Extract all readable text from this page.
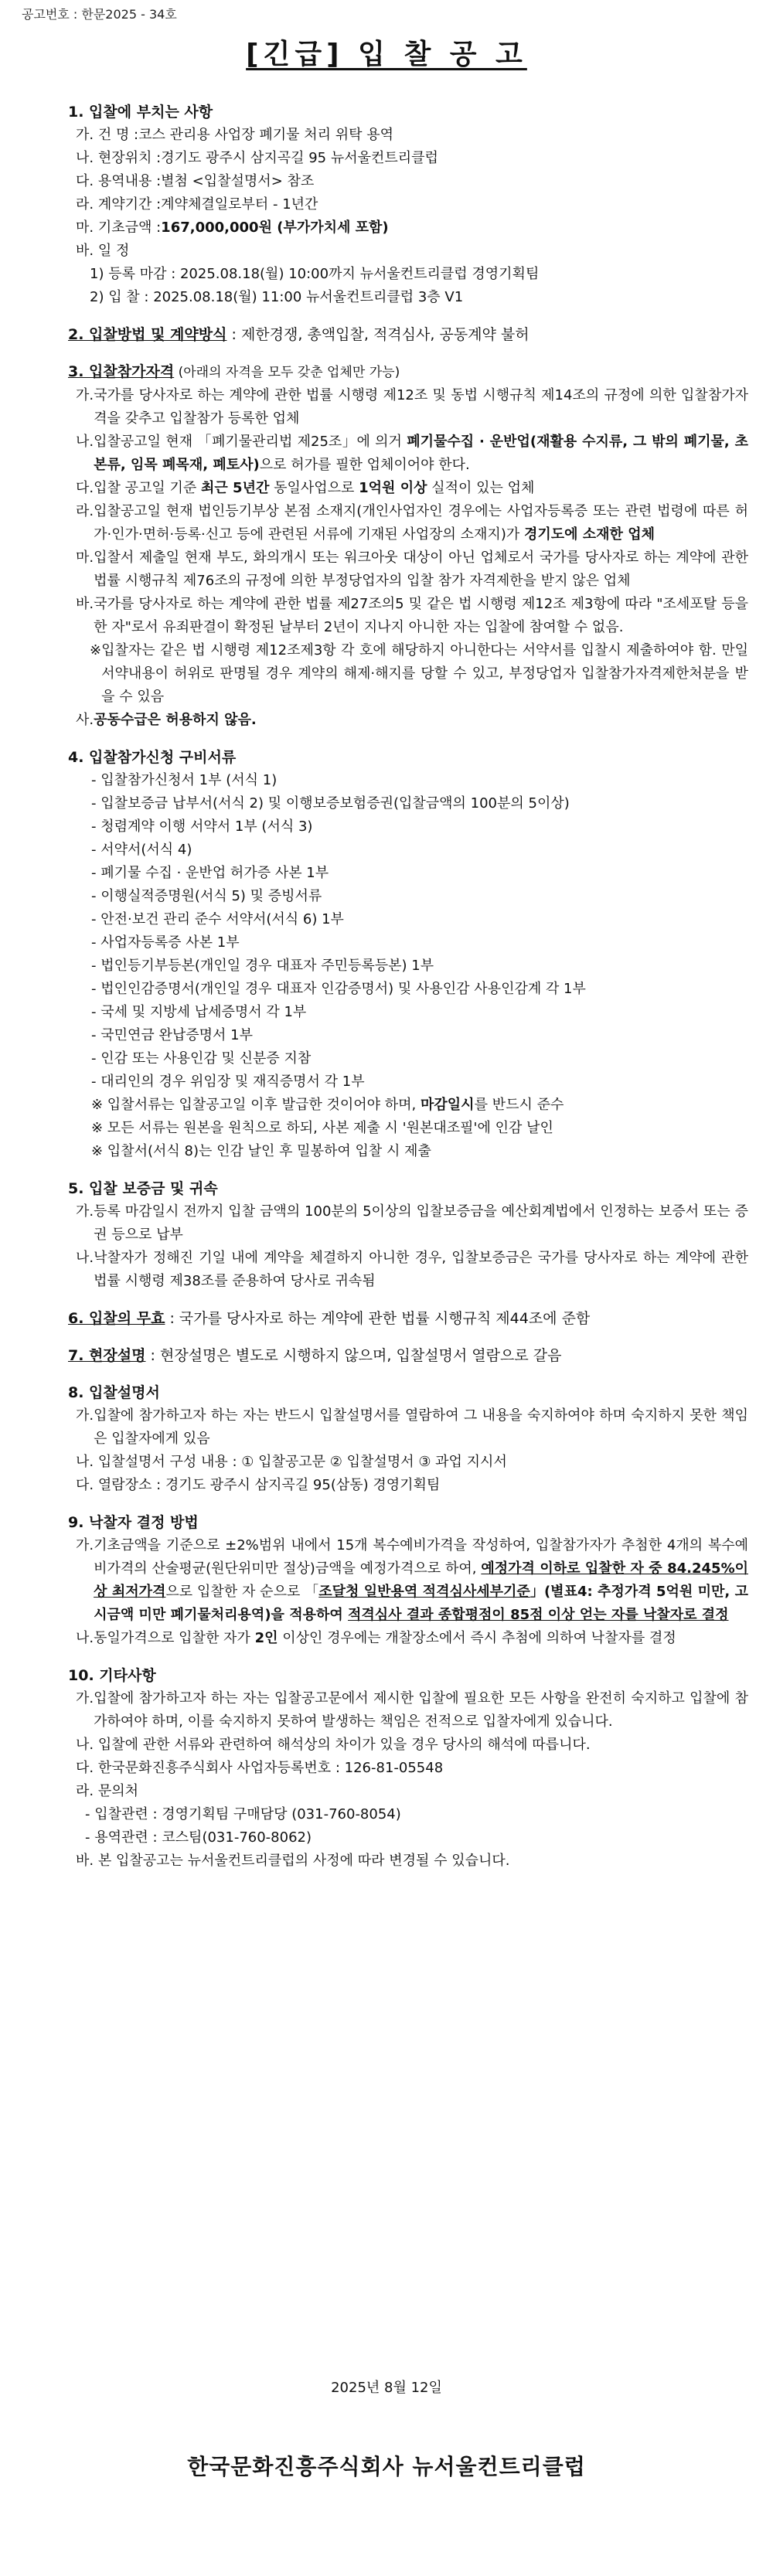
공고번호 : 한문2025 - 34호
[긴급] 입 찰 공 고
1. 입찰에 부치는 사항
가. 건 명 : 코스 관리용 사업장 폐기물 처리 위탁 용역
나. 현장위치 : 경기도 광주시 삼지곡길 95 뉴서울컨트리클럽
다. 용역내용 : 별첨 <입찰설명서> 참조
라. 계약기간 : 계약체결일로부터 - 1년간
마. 기초금액 : 167,000,000원 (부가가치세 포함)
바. 일 정
1) 등록 마감 : 2025.08.18(월) 10:00까지 뉴서울컨트리클럽 경영기획팀
2) 입 찰 : 2025.08.18(월) 11:00 뉴서울컨트리클럽 3층 V1
2. 입찰방법 및 계약방식 : 제한경쟁, 총액입찰, 적격심사, 공동계약 불허
3. 입찰참가자격 (아래의 자격을 모두 갖춘 업체만 가능)
가. 국가를 당사자로 하는 계약에 관한 법률 시행령 제12조 및 동법 시행규칙 제14조의 규정에 의한 입찰참가자격을 갖추고 입찰참가 등록한 업체
나. 입찰공고일 현재 「폐기물관리법 제25조」에 의거 폐기물수집 · 운반업(재활용 수지류, 그 밖의 폐기물, 초본류, 임목 폐목재, 폐토사)으로 허가를 필한 업체이어야 한다.
다. 입찰 공고일 기준 최근 5년간 동일사업으로 1억원 이상 실적이 있는 업체
라. 입찰공고일 현재 법인등기부상 본점 소재지(개인사업자인 경우에는 사업자등록증 또는 관련 법령에 따른 허가·인가·면허·등록·신고 등에 관련된 서류에 기재된 사업장의 소재지)가 경기도에 소재한 업체
마. 입찰서 제출일 현재 부도, 화의개시 또는 워크아웃 대상이 아닌 업체로서 국가를 당사자로 하는 계약에 관한 법률 시행규칙 제76조의 규정에 의한 부정당업자의 입찰 참가 자격제한을 받지 않은 업체
바. 국가를 당사자로 하는 계약에 관한 법률 제27조의5 및 같은 법 시행령 제12조 제3항에 따라 "조세포탈 등을 한 자"로서 유죄판결이 확정된 날부터 2년이 지나지 아니한 자는 입찰에 참여할 수 없음.
※ 입찰자는 같은 법 시행령 제12조제3항 각 호에 해당하지 아니한다는 서약서를 입찰시 제출하여야 함. 만일 서약내용이 허위로 판명될 경우 계약의 해제·해지를 당할 수 있고, 부정당업자 입찰참가자격제한처분을 받을 수 있음
사. 공동수급은 허용하지 않음.
4. 입찰참가신청 구비서류
- 입찰참가신청서 1부 (서식 1)
- 입찰보증금 납부서(서식 2) 및 이행보증보험증권(입찰금액의 100분의 5이상)
- 청렴계약 이행 서약서 1부 (서식 3)
- 서약서(서식 4)
- 폐기물 수집 · 운반업 허가증 사본 1부
- 이행실적증명원(서식 5) 및 증빙서류
- 안전·보건 관리 준수 서약서(서식 6) 1부
- 사업자등록증 사본 1부
- 법인등기부등본(개인일 경우 대표자 주민등록등본) 1부
- 법인인감증명서(개인일 경우 대표자 인감증명서) 및 사용인감 사용인감계 각 1부
- 국세 및 지방세 납세증명서 각 1부
- 국민연금 완납증명서 1부
- 인감 또는 사용인감 및 신분증 지참
- 대리인의 경우 위임장 및 재직증명서 각 1부
※ 입찰서류는 입찰공고일 이후 발급한 것이어야 하며, 마감일시를 반드시 준수
※ 모든 서류는 원본을 원칙으로 하되, 사본 제출 시 '원본대조필'에 인감 날인
※ 입찰서(서식 8)는 인감 날인 후 밀봉하여 입찰 시 제출
5. 입찰 보증금 및 귀속
가. 등록 마감일시 전까지 입찰 금액의 100분의 5이상의 입찰보증금을 예산회계법에서 인정하는 보증서 또는 증권 등으로 납부
나. 낙찰자가 정해진 기일 내에 계약을 체결하지 아니한 경우, 입찰보증금은 국가를 당사자로 하는 계약에 관한 법률 시행령 제38조를 준용하여 당사로 귀속됨
6. 입찰의 무효 : 국가를 당사자로 하는 계약에 관한 법률 시행규칙 제44조에 준함
7. 현장설명 : 현장설명은 별도로 시행하지 않으며, 입찰설명서 열람으로 갈음
8. 입찰설명서
가. 입찰에 참가하고자 하는 자는 반드시 입찰설명서를 열람하여 그 내용을 숙지하여야 하며 숙지하지 못한 책임은 입찰자에게 있음
나. 입찰설명서 구성 내용 : ① 입찰공고문 ② 입찰설명서 ③ 과업 지시서
다. 열람장소 : 경기도 광주시 삼지곡길 95(삼동) 경영기획팀
9. 낙찰자 결정 방법
가. 기초금액을 기준으로 ±2%범위 내에서 15개 복수예비가격을 작성하여, 입찰참가자가 추첨한 4개의 복수예비가격의 산술평균(원단위미만 절상)금액을 예정가격으로 하여, 예정가격 이하로 입찰한 자 중 84.245%이상 최저가격으로 입찰한 자 순으로 「조달청 일반용역 적격심사세부기준」(별표4: 추정가격 5억원 미만, 고시금액 미만 폐기물처리용역)을 적용하여 적격심사 결과 종합평점이 85점 이상 얻는 자를 낙찰자로 결정
나. 동일가격으로 입찰한 자가 2인 이상인 경우에는 개찰장소에서 즉시 추첨에 의하여 낙찰자를 결정
10. 기타사항
가. 입찰에 참가하고자 하는 자는 입찰공고문에서 제시한 입찰에 필요한 모든 사항을 완전히 숙지하고 입찰에 참가하여야 하며, 이를 숙지하지 못하여 발생하는 책임은 전적으로 입찰자에게 있습니다.
나. 입찰에 관한 서류와 관련하여 해석상의 차이가 있을 경우 당사의 해석에 따릅니다.
다. 한국문화진흥주식회사 사업자등록번호 : 126-81-05548
라. 문의처
- 입찰관련 : 경영기획팀 구매담당 (031-760-8054)
- 용역관련 : 코스팀(031-760-8062)
바. 본 입찰공고는 뉴서울컨트리클럽의 사정에 따라 변경될 수 있습니다.
2025년 8월 12일
한국문화진흥주식회사 뉴서울컨트리클럽
